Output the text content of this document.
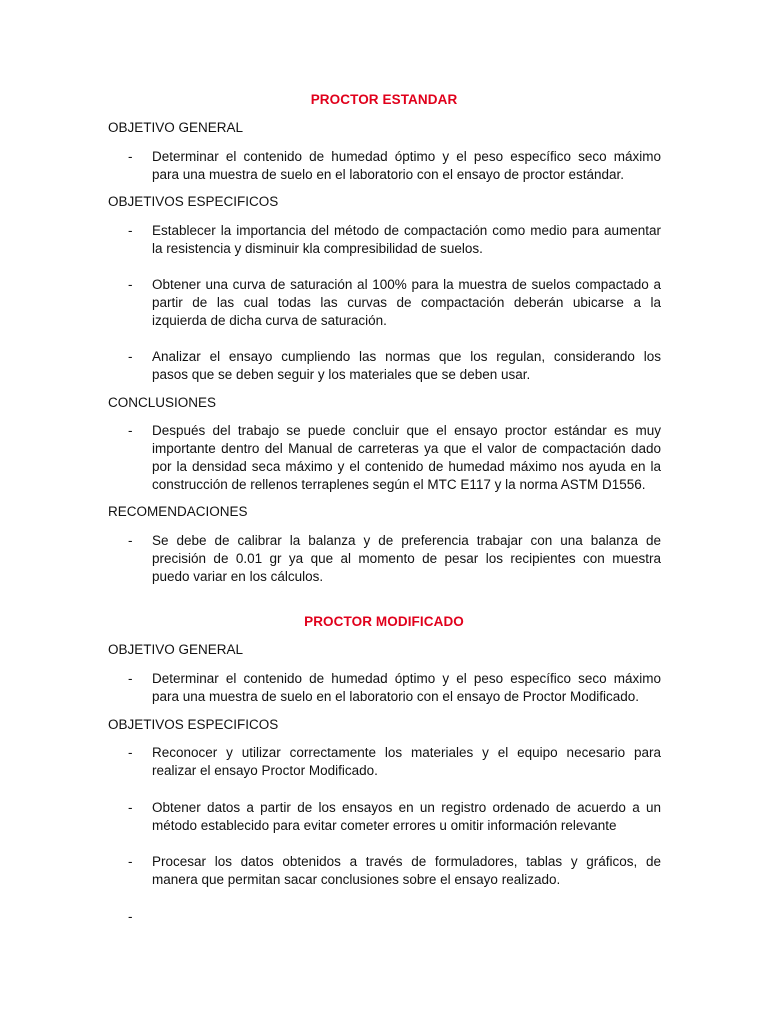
PROCTOR ESTANDAR
OBJETIVO GENERAL
- Determinar el contenido de humedad óptimo y el peso específico seco máximo
para una muestra de suelo en el laboratorio con el ensayo de proctor estándar.
OBJETIVOS ESPECIFICOS
- Establecer la importancia del método de compactación como medio para aumentar
la resistencia y disminuir kla compresibilidad de suelos.
- Obtener una curva de saturación al 100% para la muestra de suelos compactado a
partir de las cual todas las curvas de compactación deberán ubicarse a la
izquierda de dicha curva de saturación.
- Analizar el ensayo cumpliendo las normas que los regulan, considerando los
pasos que se deben seguir y los materiales que se deben usar.
CONCLUSIONES
- Después del trabajo se puede concluir que el ensayo proctor estándar es muy
importante dentro del Manual de carreteras ya que el valor de compactación dado
por la densidad seca máximo y el contenido de humedad máximo nos ayuda en la
construcción de rellenos terraplenes según el MTC E117 y la norma ASTM D1556.
RECOMENDACIONES
- Se debe de calibrar la balanza y de preferencia trabajar con una balanza de
precisión de 0.01 gr ya que al momento de pesar los recipientes con muestra
puedo variar en los cálculos.
PROCTOR MODIFICADO
OBJETIVO GENERAL
- Determinar el contenido de humedad óptimo y el peso específico seco máximo
para una muestra de suelo en el laboratorio con el ensayo de Proctor Modificado.
OBJETIVOS ESPECIFICOS
- Reconocer y utilizar correctamente los materiales y el equipo necesario para
realizar el ensayo Proctor Modificado.
- Obtener datos a partir de los ensayos en un registro ordenado de acuerdo a un
método establecido para evitar cometer errores u omitir información relevante
- Procesar los datos obtenidos a través de formuladores, tablas y gráficos, de
manera que permitan sacar conclusiones sobre el ensayo realizado.
-
